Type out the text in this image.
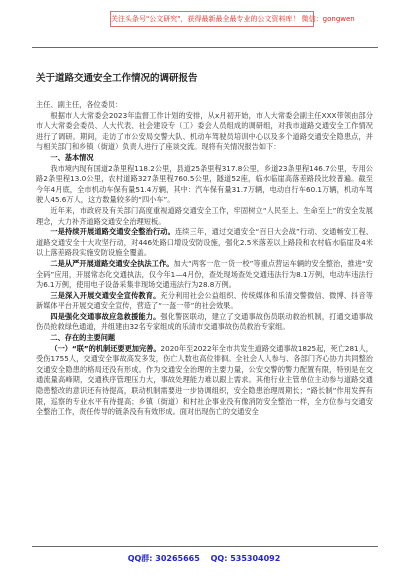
关注头条号"公文研究"，获得最新最全最专业的公文资料库！ 微信：gongwen
关于道路交通安全工作情况的调研报告

主任、副主任，各位委员：

根据市人大常委会2023年监督工作计划的安排，从x月初开始，市人大常委会副主任XXX带领由部分市人大常委会委员、人大代表、社会建设专（工）委会人员组成的调研组，对我市道路交通安全工作情况进行了调研。期间，走访了市公安局交警大队、机动车驾驶员培训中心以及多个道路交通安全隐患点，并与相关部门和乡镇（街道）负责人进行了座谈交流。现将有关情况报告如下：

一、基本情况

我市境内现有国道2条里程118.2公里，县道25条里程317.8公里，乡道23条里程146.7公里，专用公路2条里程13.0公里，农村道路327条里程760.5公里，隧道52座，临水临崖高落差路段比较普遍。截至今年4月底，全市机动车保有量51.4万辆，其中：汽车保有量31.7万辆，电动自行车60.1万辆，机动车驾驶人45.6万人，这方数量较多的“四小车”。

近年来，市政府及有关部门高度重视道路交通安全工作，牢固树立“人民至上、生命至上”的安全发展理念，大力补齐道路交通安全治理短板。

一是持续开展道路交通安全整治行动。连续三年，通过交通安全“百日大会战”行动、交通畅安工程、道路交通安全十大攻坚行动，对446处路口增设安防设施，强化2.5米落差以上路段和农村临水临崖及4米以上落差路段实施安防设施全覆盖。

二是从严开展道路交通安全执法工作。加大“两客一危一货一校”等重点营运车辆的安全整治，推进“安全码”应用，开展常态化交通执法，仅今年1—4月份，查处现场查处交通违法行为8.1万例，电动车违法行为6.1万例，使用电子设备采集非现场交通违法行为28.8万例。

三是深入开展交通安全宣传教育。充分利用社会公益组织、传统媒体和乐清交警微信、微博、抖音等新媒体平台开展交通安全宣传，营造了“一盔一带”的社会效果。

四是强化交通事故应急救援能力。强化警医联动，建立了交通事故伤员联动救治机制，打通交通事故伤员抢救绿色通道，并组建由32名专家组成的乐清市交通事故伤员救治专家组。

二、存在的主要问题

（一）“联”的机制还要更加完善。2020年至2022年全市共发生道路交通事故1825起，死亡281人，受伤1755人，交通安全事故高发多发，伤亡人数也高位徘徊。全社会人人参与、各部门齐心协力共同整治交通安全隐患的格局还没有形成。作为交通安全治理的主要力量，公安交警的警力配置有限，特别是在交通流量高峰期，交通秩序管理压力大，事故处理能力难以跟上需求。其他行业主管单位主动参与道路交通隐患整改的意识还有待提高，联动机制需要进一步协调组织，安全隐患治理周期长；“路长制”作用发挥有限，巡察的专业水平有待提高；乡镇（街道）和村社企事业没有像消防安全整治一样，全方位参与交通安全整治工作，责任传导的链条没有有效形成。面对出现伤亡的交通安全

QQ群: 30265665 QQ: 535304092
